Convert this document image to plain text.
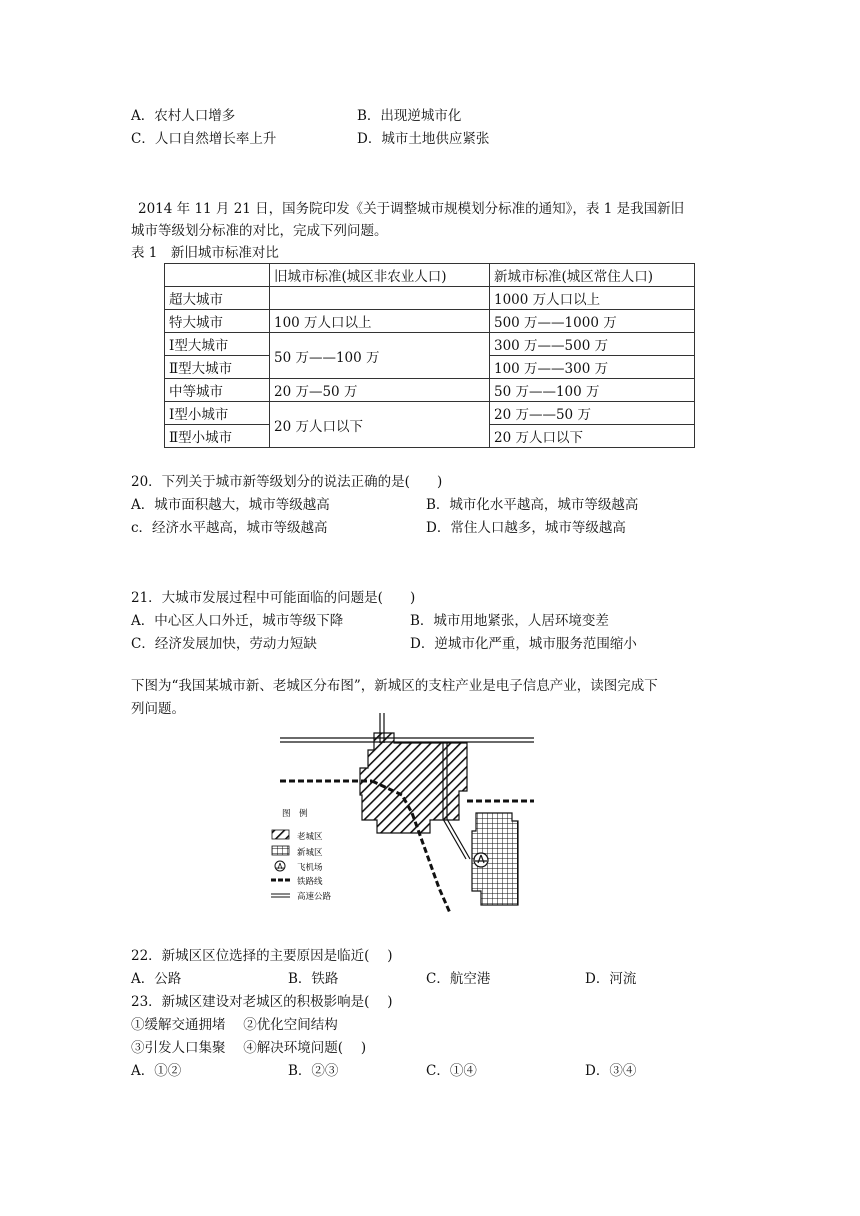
A．农村人口增多	B．出现逆城市化
C．人口自然增长率上升	D．城市土地供应紧张
2014 年 11 月 21 日，国务院印发《关于调整城市规模划分标准的通知》，表 1 是我国新旧
城市等级划分标准的对比，完成下列问题。
表 1　新旧城市标准对比
	旧城市标准(城区非农业人口)	新城市标准(城区常住人口)
超大城市		1000 万人口以上
特大城市	100 万人口以上	500 万——1000 万
Ⅰ型大城市	50 万——100 万	300 万——500 万
Ⅱ型大城市		100 万——300 万
中等城市	20 万—50 万	50 万——100 万
Ⅰ型小城市	20 万人口以下	20 万——50 万
Ⅱ型小城市		20 万人口以下
20．下列关于城市新等级划分的说法正确的是(　　)
A．城市面积越大，城市等级越高	B．城市化水平越高，城市等级越高
c．经济水平越高，城市等级越高	D．常住人口越多，城市等级越高
21．大城市发展过程中可能面临的问题是(　　)
A．中心区人口外迁，城市等级下降	B．城市用地紧张，人居环境变差
C．经济发展加快，劳动力短缺	D．逆城市化严重，城市服务范围缩小
下图为“我国某城市新、老城区分布图”，新城区的支柱产业是电子信息产业，读图完成下
列问题。
图　例
老城区
新城区
飞机场
铁路线
高速公路
22．新城区区位选择的主要原因是临近(　 )
A．公路	B．铁路	C．航空港	D．河流
23．新城区建设对老城区的积极影响是(　 )
①缓解交通拥堵　 ②优化空间结构
③引发人口集聚　 ④解决环境问题(　 )
A．①②	B．②③	C．①④	D．③④
